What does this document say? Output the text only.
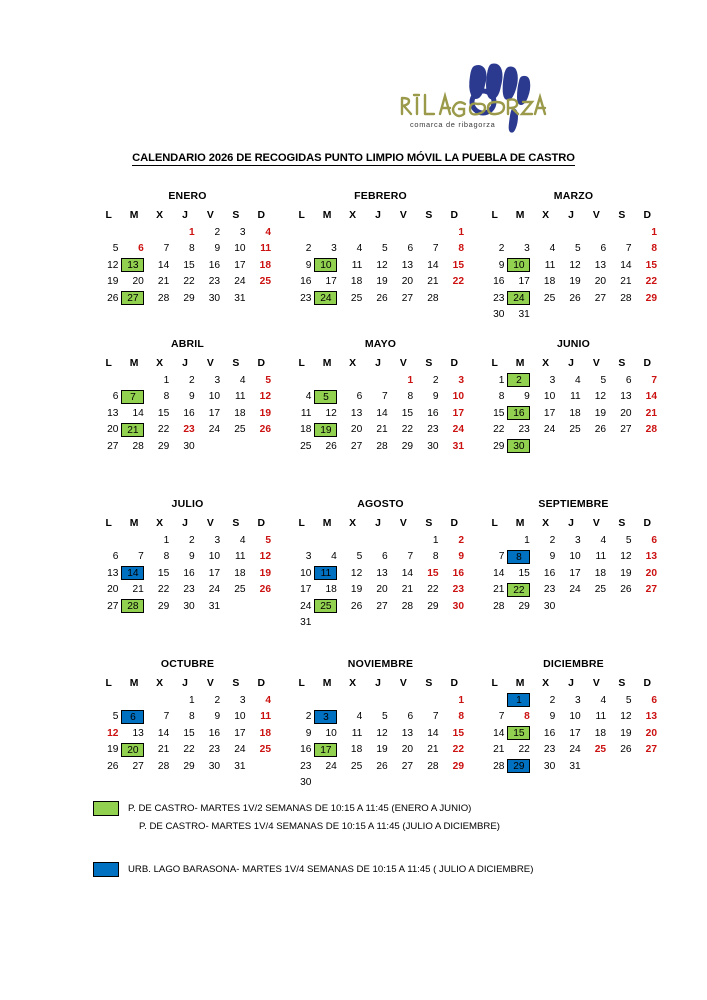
comarca de ribagorza
CALENDARIO 2026 DE RECOGIDAS PUNTO LIMPIO MÓVIL LA PUEBLA DE CASTRO
ENERO
L	M	X	J	V	S	D
			1	2	3	4
5	6	7	8	9	10	11
12	13	14	15	16	17	18
19	20	21	22	23	24	25
26	27	28	29	30	31	
FEBRERO
L	M	X	J	V	S	D
						1
2	3	4	5	6	7	8
9	10	11	12	13	14	15
16	17	18	19	20	21	22
23	24	25	26	27	28	
MARZO
L	M	X	J	V	S	D
						1
2	3	4	5	6	7	8
9	10	11	12	13	14	15
16	17	18	19	20	21	22
23	24	25	26	27	28	29
30	31					
ABRIL
L	M	X	J	V	S	D
		1	2	3	4	5
6	7	8	9	10	11	12
13	14	15	16	17	18	19
20	21	22	23	24	25	26
27	28	29	30			
MAYO
L	M	X	J	V	S	D
				1	2	3
4	5	6	7	8	9	10
11	12	13	14	15	16	17
18	19	20	21	22	23	24
25	26	27	28	29	30	31
JUNIO
L	M	X	J	V	S	D
1	2	3	4	5	6	7
8	9	10	11	12	13	14
15	16	17	18	19	20	21
22	23	24	25	26	27	28
29	30					

JULIO
L	M	X	J	V	S	D
		1	2	3	4	5
6	7	8	9	10	11	12
13	14	15	16	17	18	19
20	21	22	23	24	25	26
27	28	29	30	31		
AGOSTO
L	M	X	J	V	S	D
					1	2
3	4	5	6	7	8	9
10	11	12	13	14	15	16
17	18	19	20	21	22	23
24	25	26	27	28	29	30
31						
SEPTIEMBRE
L	M	X	J	V	S	D
	1	2	3	4	5	6
7	8	9	10	11	12	13
14	15	16	17	18	19	20
21	22	23	24	25	26	27
28	29	30				
OCTUBRE
L	M	X	J	V	S	D
			1	2	3	4
5	6	7	8	9	10	11
12	13	14	15	16	17	18
19	20	21	22	23	24	25
26	27	28	29	30	31	
NOVIEMBRE
L	M	X	J	V	S	D
						1
2	3	4	5	6	7	8
9	10	11	12	13	14	15
16	17	18	19	20	21	22
23	24	25	26	27	28	29
30						
DICIEMBRE
L	M	X	J	V	S	D

	1	2	3	4	5	6
7	8	9	10	11	12	13
14	15	16	17	18	19	20
21	22	23	24	25	26	27
28	29	30	31			
P. DE CASTRO- MARTES 1V/2 SEMANAS DE 10:15 A 11:45 (ENERO A JUNIO)
P. DE CASTRO- MARTES 1V/4 SEMANAS DE 10:15 A 11:45 (JULIO A DICIEMBRE)
URB. LAGO BARASONA- MARTES 1V/4 SEMANAS DE 10:15 A 11:45 ( JULIO A DICIEMBRE)
